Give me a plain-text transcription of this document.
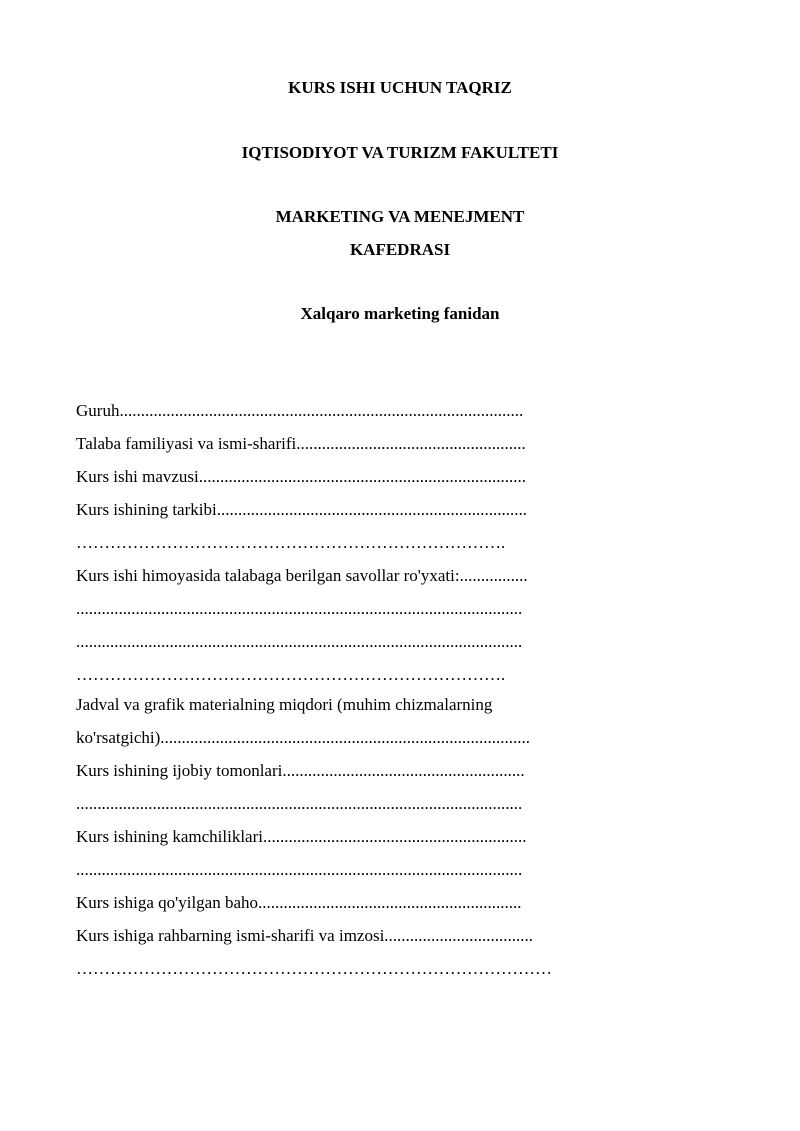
KURS ISHI UCHUN TAQRIZ
IQTISODIYOT VA TURIZM FAKULTETI
MARKETING VA MENEJMENT
KAFEDRASI
Xalqaro marketing fanidan

Guruh...............................................................................................

Talaba familiyasi va ismi-sharifi......................................................

Kurs ishi mavzusi.............................................................................

Kurs ishining tarkibi.........................................................................

………………………………………………………………….

Kurs ishi himoyasida talabaga berilgan savollar ro'yxati:................

.........................................................................................................

.........................................................................................................

………………………………………………………………….

Jadval va grafik materialning miqdori (muhim chizmalarning

ko'rsatgichi).......................................................................................

Kurs ishining ijobiy tomonlari.........................................................

.........................................................................................................

Kurs ishining kamchiliklari..............................................................

.........................................................................................................

Kurs ishiga qo'yilgan baho..............................................................

Kurs ishiga rahbarning ismi-sharifi va imzosi...................................

…………………………………………………………………………
